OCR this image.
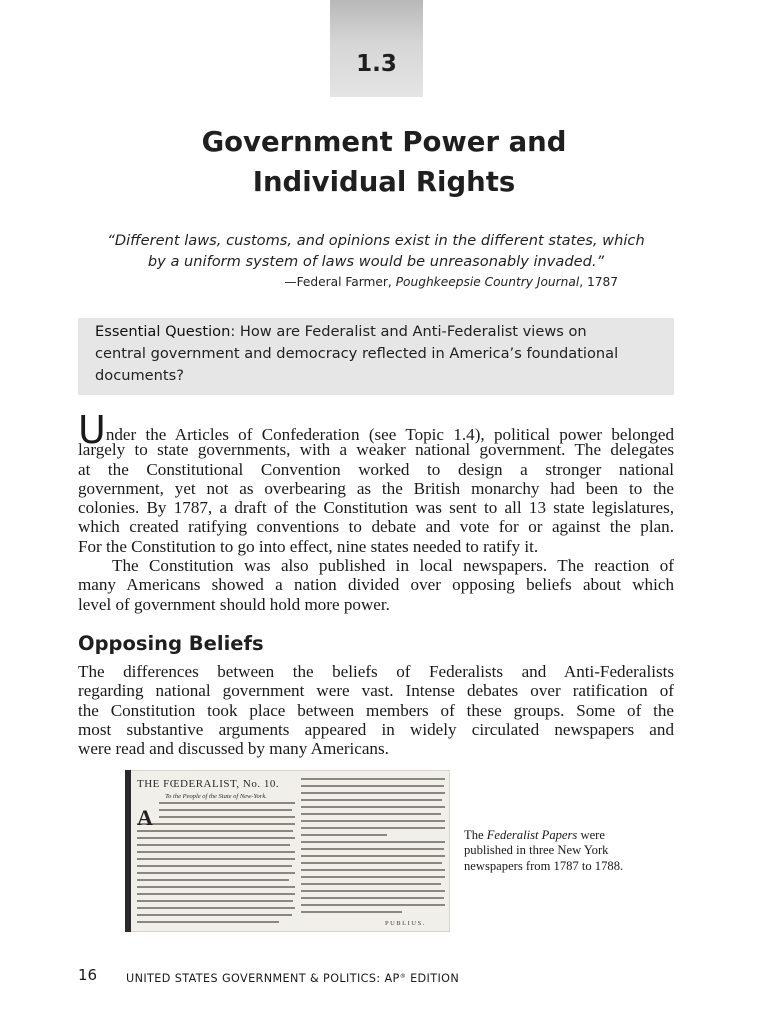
1.3
Government Power and
Individual Rights
“Different laws, customs, and opinions exist in the different states, which
by a uniform system of laws would be unreasonably invaded.”
—Federal Farmer, Poughkeepsie Country Journal, 1787
Essential Question: How are Federalist and Anti-Federalist views on
central government and democracy reflected in America’s foundational
documents?
Under the Articles of Confederation (see Topic 1.4), political power belonged
largely to state governments, with a weaker national government. The delegates
at the Constitutional Convention worked to design a stronger national
government, yet not as overbearing as the British monarchy had been to the
colonies. By 1787, a draft of the Constitution was sent to all 13 state legislatures,
which created ratifying conventions to debate and vote for or against the plan.
For the Constitution to go into effect, nine states needed to ratify it.
The Constitution was also published in local newspapers. The reaction of
many Americans showed a nation divided over opposing beliefs about which
level of government should hold more power.
Opposing Beliefs
The differences between the beliefs of Federalists and Anti-Federalists
regarding national government were vast. Intense debates over ratification of
the Constitution took place between members of these groups. Some of the
most substantive arguments appeared in widely circulated newspapers and
were read and discussed by many Americans.
THE FŒDERALIST, No. 10.
To the People of the State of New-York.
A
PUBLIUS.
The Federalist Papers were
published in three New York
newspapers from 1787 to 1788.
16	UNITED STATES GOVERNMENT & POLITICS: AP® EDITION
